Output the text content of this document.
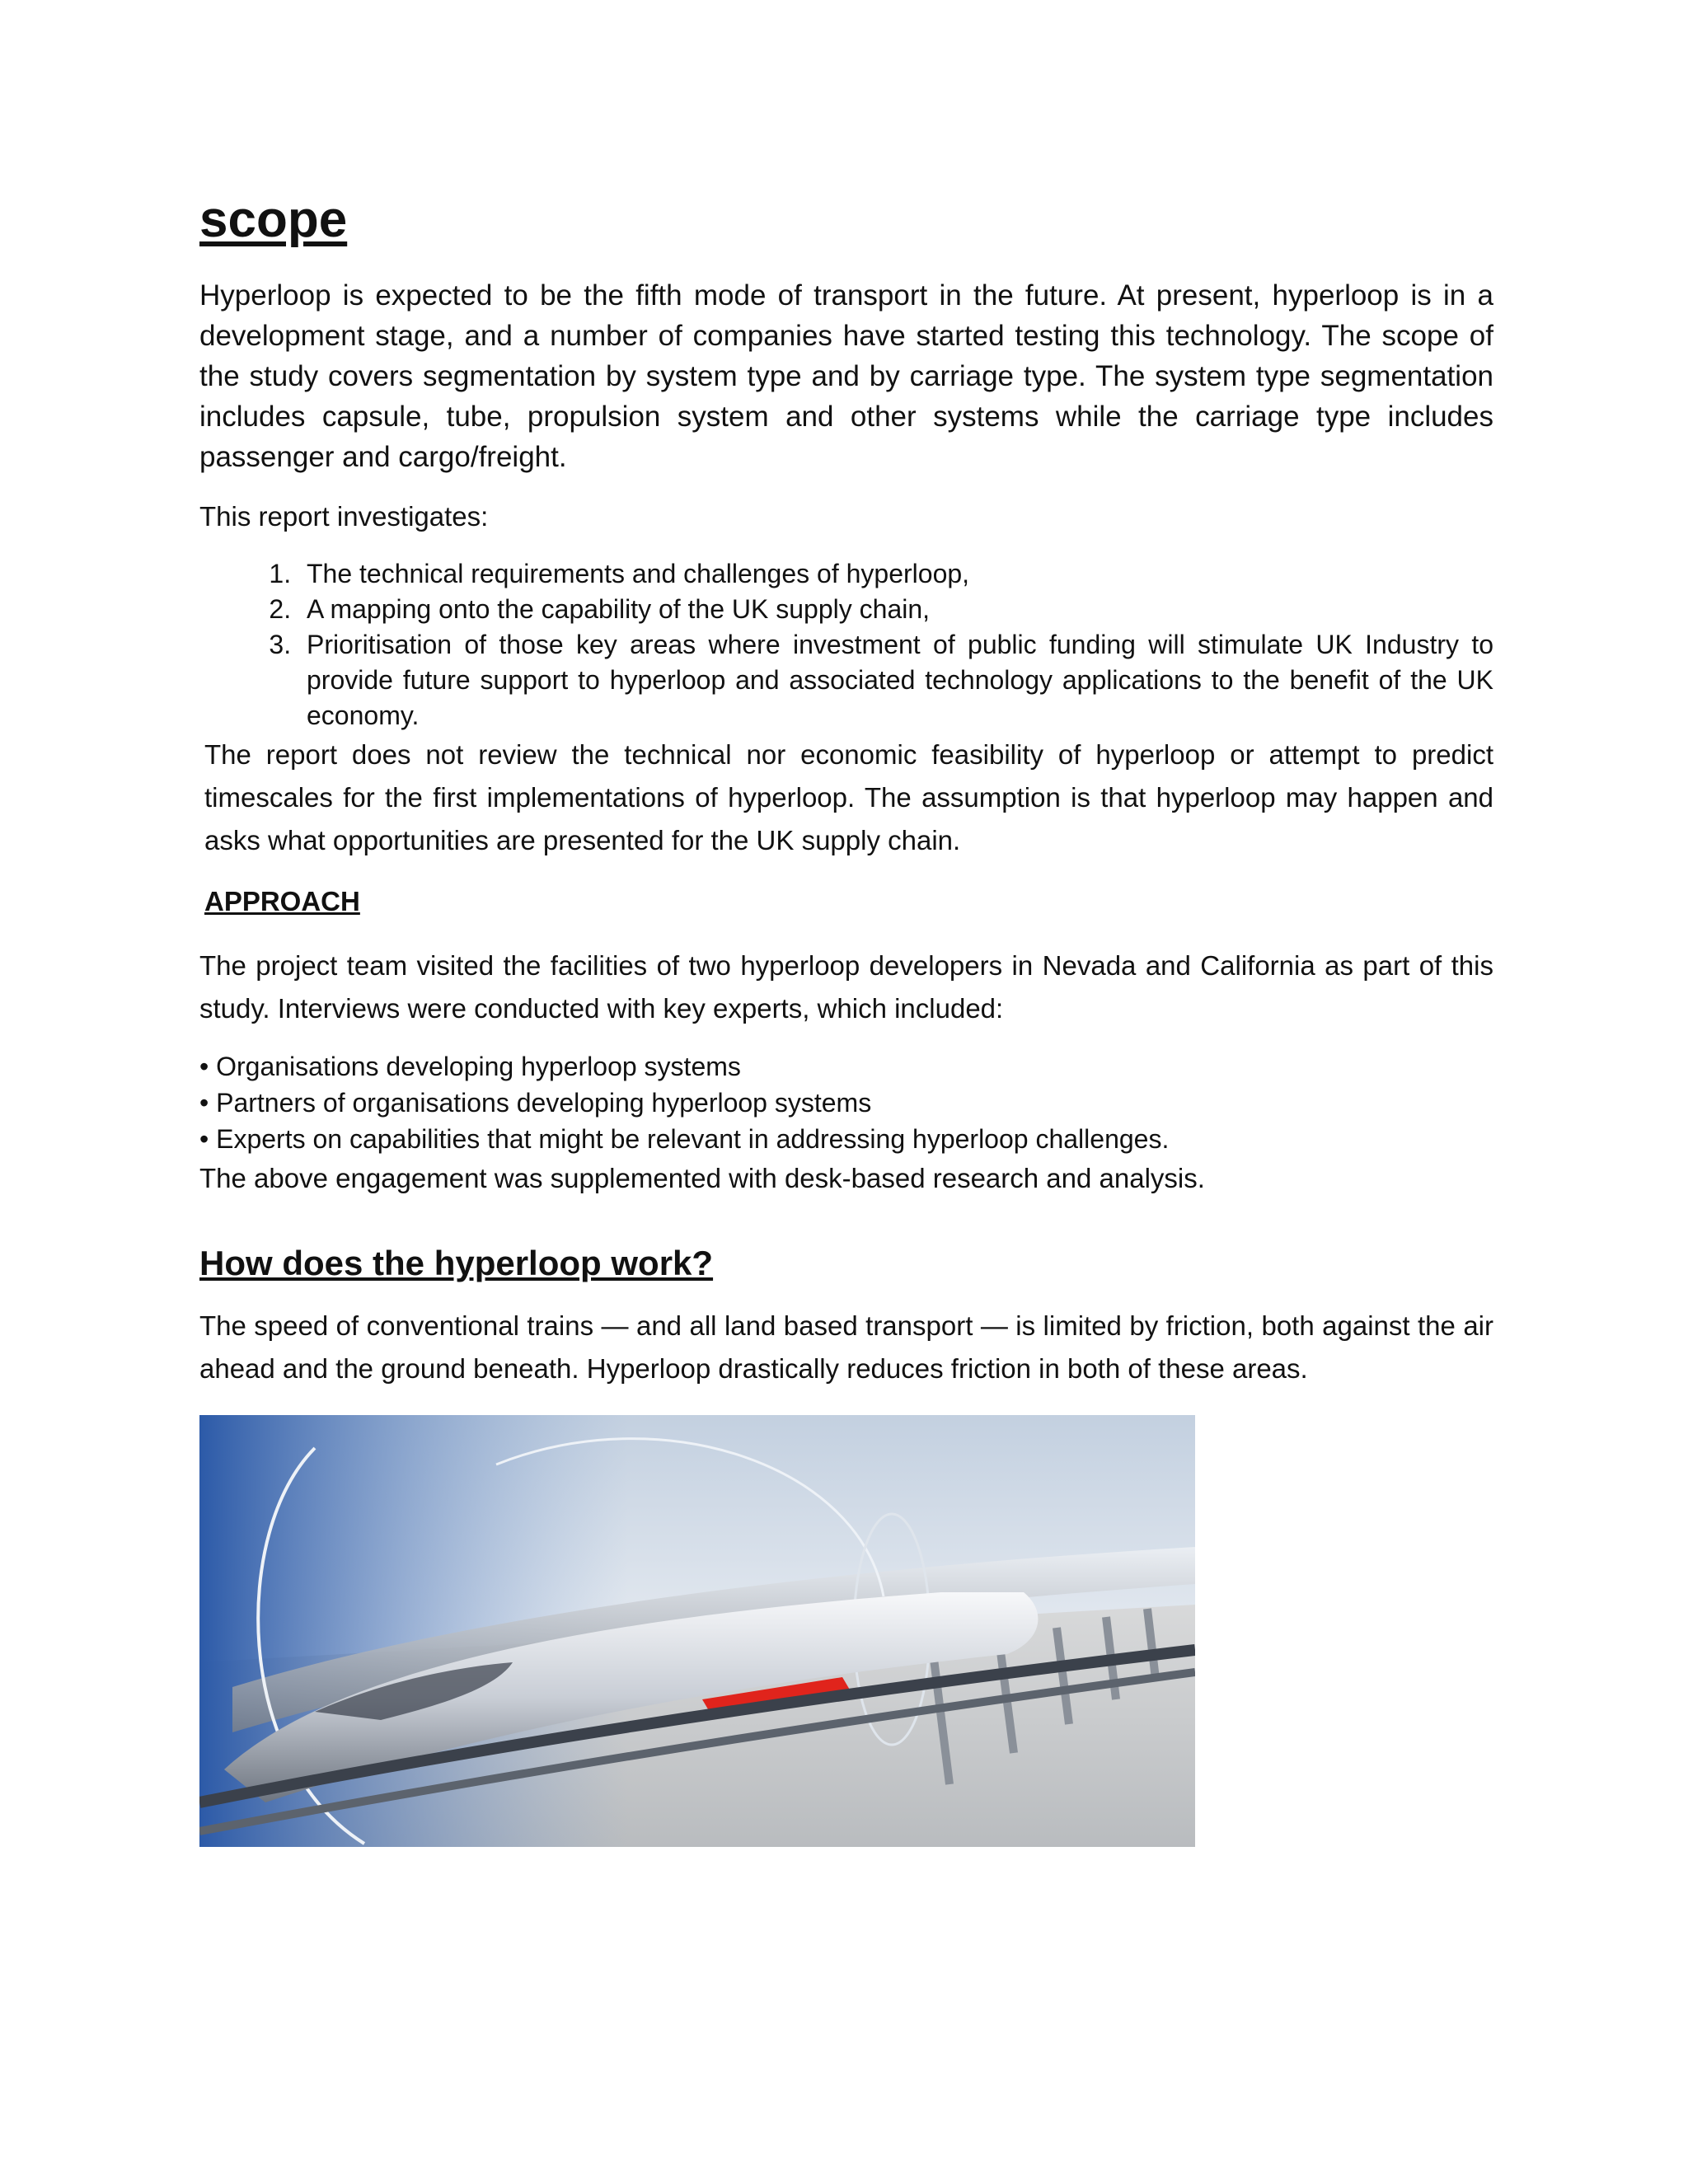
scope

Hyperloop is expected to be the fifth mode of transport in the future. At present, hyperloop is in a development stage, and a number of companies have started testing this technology. The scope of the study covers segmentation by system type and by carriage type. The system type segmentation includes capsule, tube, propulsion system and other systems while the carriage type includes passenger and cargo/freight.

This report investigates:

1. The technical requirements and challenges of hyperloop,
2. A mapping onto the capability of the UK supply chain,
3. Prioritisation of those key areas where investment of public funding will stimulate UK Industry to provide future support to hyperloop and associated technology applications to the benefit of the UK economy.

The report does not review the technical nor economic feasibility of hyperloop or attempt to predict timescales for the first implementations of hyperloop. The assumption is that hyperloop may happen and asks what opportunities are presented for the UK supply chain.

APPROACH

The project team visited the facilities of two hyperloop developers in Nevada and California as part of this study. Interviews were conducted with key experts, which included:

• Organisations developing hyperloop systems
• Partners of organisations developing hyperloop systems
• Experts on capabilities that might be relevant in addressing hyperloop challenges.

The above engagement was supplemented with desk-based research and analysis.

How does the hyperloop work?

The speed of conventional trains — and all land based transport — is limited by friction, both against the air ahead and the ground beneath. Hyperloop drastically reduces friction in both of these areas.
